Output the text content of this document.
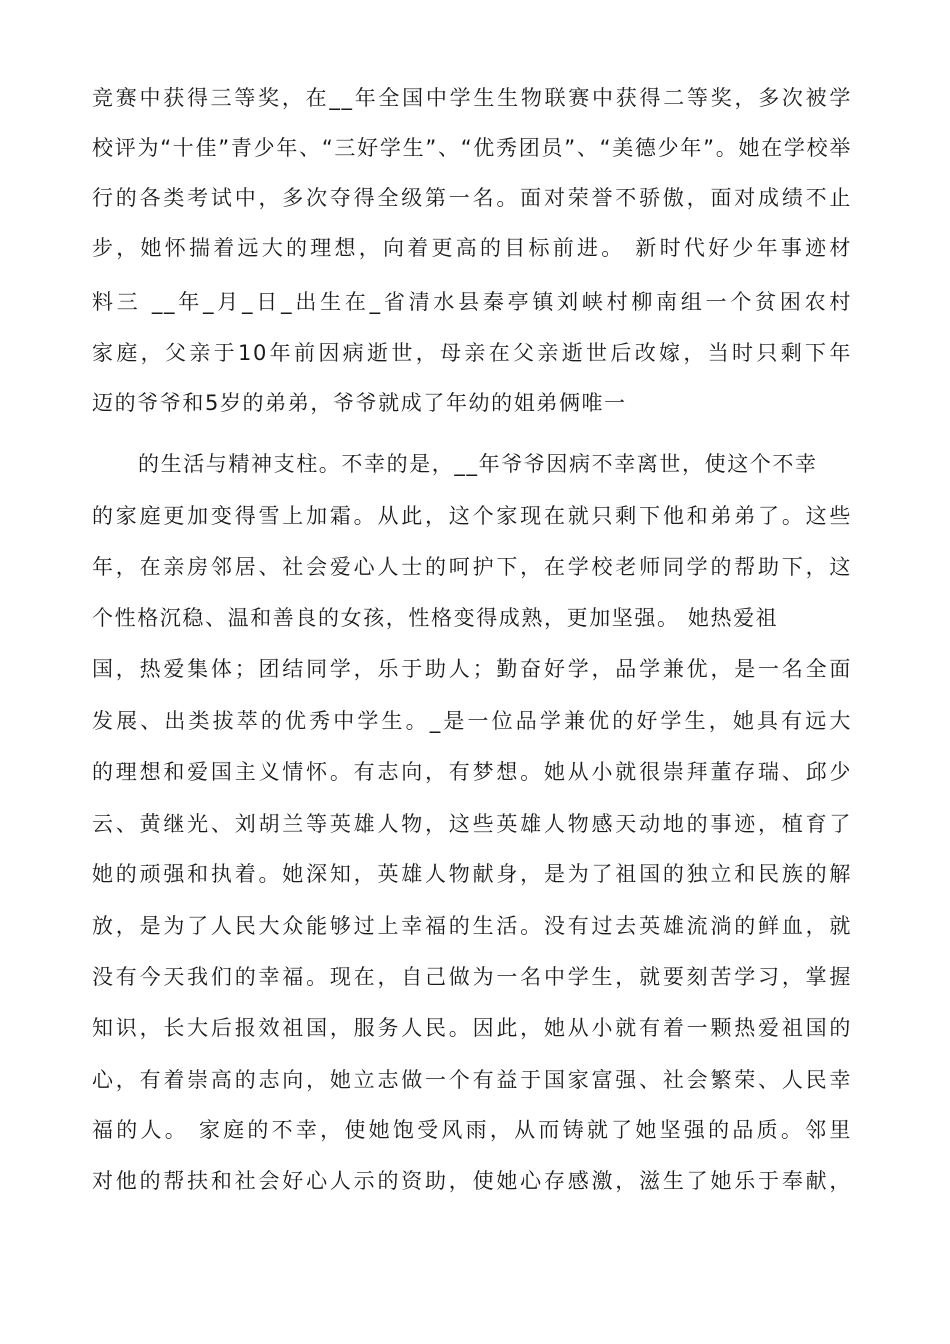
竞赛中获得三等奖，在__年全国中学生生物联赛中获得二等奖，多次被学
校评为“十佳”青少年、“三好学生”、“优秀团员”、“美德少年”。她在学校举
行的各类考试中，多次夺得全级第一名。面对荣誉不骄傲，面对成绩不止
步，她怀揣着远大的理想，向着更高的目标前进。 新时代好少年事迹材
料三 __年_月_日_出生在_省清水县秦亭镇刘峡村柳南组一个贫困农村
家庭，父亲于10年前因病逝世，母亲在父亲逝世后改嫁，当时只剩下年
迈的爷爷和5岁的弟弟，爷爷就成了年幼的姐弟俩唯一
的生活与精神支柱。不幸的是，__年爷爷因病不幸离世，使这个不幸
的家庭更加变得雪上加霜。从此，这个家现在就只剩下他和弟弟了。这些
年，在亲房邻居、社会爱心人士的呵护下，在学校老师同学的帮助下，这
个性格沉稳、温和善良的女孩，性格变得成熟，更加坚强。 她热爱祖
国，热爱集体；团结同学，乐于助人；勤奋好学，品学兼优，是一名全面
发展、出类拔萃的优秀中学生。_是一位品学兼优的好学生，她具有远大
的理想和爱国主义情怀。有志向，有梦想。她从小就很崇拜董存瑞、邱少
云、黄继光、刘胡兰等英雄人物，这些英雄人物感天动地的事迹，植育了
她的顽强和执着。她深知，英雄人物献身，是为了祖国的独立和民族的解
放，是为了人民大众能够过上幸福的生活。没有过去英雄流淌的鲜血，就
没有今天我们的幸福。现在，自己做为一名中学生，就要刻苦学习，掌握
知识，长大后报效祖国，服务人民。因此，她从小就有着一颗热爱祖国的
心，有着崇高的志向，她立志做一个有益于国家富强、社会繁荣、人民幸
福的人。 家庭的不幸，使她饱受风雨，从而铸就了她坚强的品质。邻里
对他的帮扶和社会好心人示的资助，使她心存感激，滋生了她乐于奉献，
